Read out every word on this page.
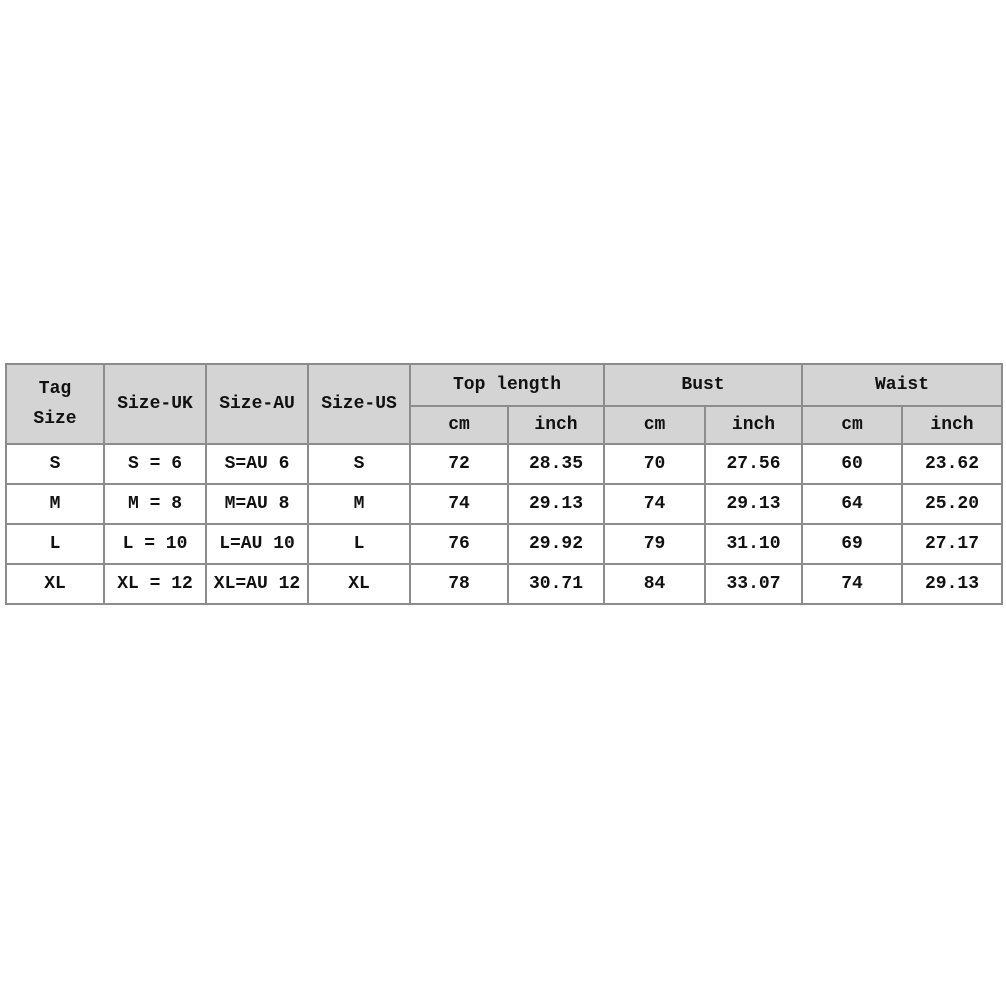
Tag
Size	Size-UK	Size-AU	Size-US	Top length		Bust		Waist	
				cm	inch	cm	inch	cm	inch
S	S = 6	S=AU 6	S	72	28.35	70	27.56	60	23.62
M	M = 8	M=AU 8	M	74	29.13	74	29.13	64	25.20
L	L = 10	L=AU 10	L	76	29.92	79	31.10	69	27.17
XL	XL = 12	XL=AU 12	XL	78	30.71	84	33.07	74	29.13
